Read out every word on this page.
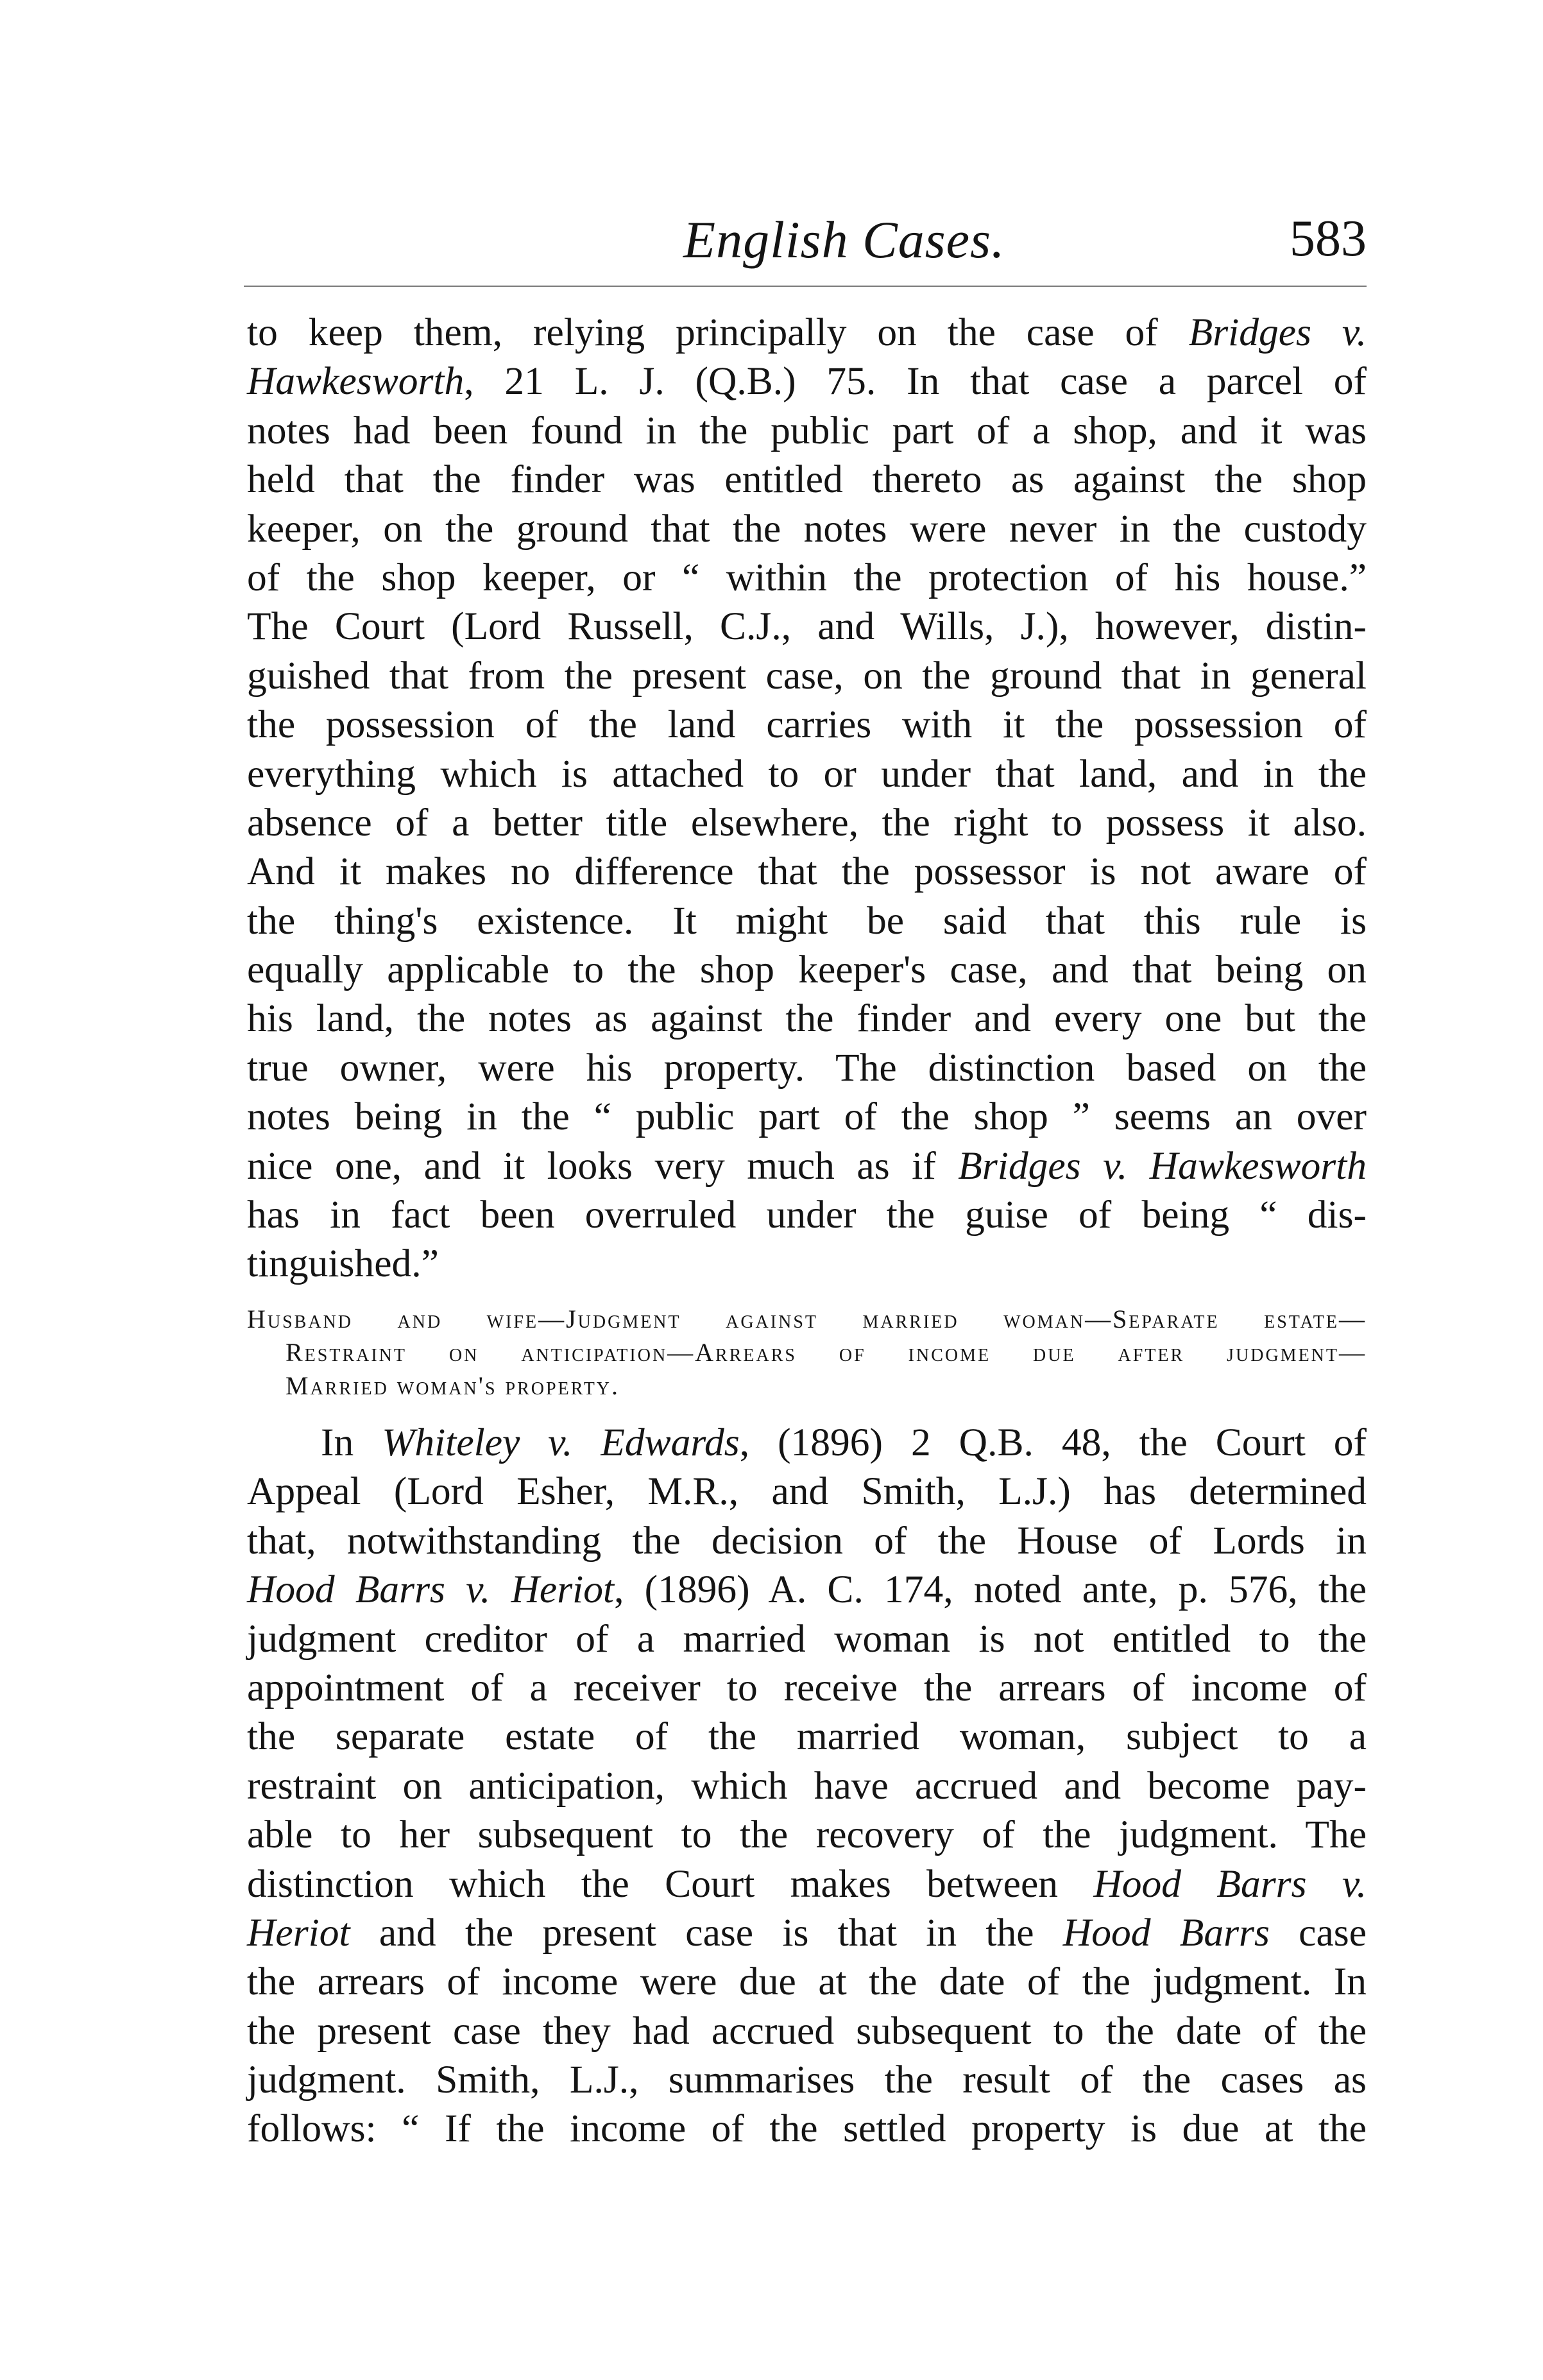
English Cases.	583
to keep them, relying principally on the case of Bridges v.
Hawkesworth, 21 L. J. (Q.B.) 75. In that case a parcel of
notes had been found in the public part of a shop, and it was
held that the finder was entitled thereto as against the shop
keeper, on the ground that the notes were never in the custody
of the shop keeper, or “ within the protection of his house.”
The Court (Lord Russell, C.J., and Wills, J.), however, distin-
guished that from the present case, on the ground that in general
the possession of the land carries with it the possession of
everything which is attached to or under that land, and in the
absence of a better title elsewhere, the right to possess it also.
And it makes no difference that the possessor is not aware of
the thing's existence. It might be said that this rule is
equally applicable to the shop keeper's case, and that being on
his land, the notes as against the finder and every one but the
true owner, were his property. The distinction based on the
notes being in the “ public part of the shop ” seems an over
nice one, and it looks very much as if Bridges v. Hawkesworth
has in fact been overruled under the guise of being “ dis-
tinguished.”
Husband and wife—Judgment against married woman—Separate estate—
Restraint on anticipation—Arrears of income due after judgment—
Married woman's property.
In Whiteley v. Edwards, (1896) 2 Q.B. 48, the Court of
Appeal (Lord Esher, M.R., and Smith, L.J.) has determined
that, notwithstanding the decision of the House of Lords in
Hood Barrs v. Heriot, (1896) A. C. 174, noted ante, p. 576, the
judgment creditor of a married woman is not entitled to the
appointment of a receiver to receive the arrears of income of
the separate estate of the married woman, subject to a
restraint on anticipation, which have accrued and become pay-
able to her subsequent to the recovery of the judgment. The
distinction which the Court makes between Hood Barrs v.
Heriot and the present case is that in the Hood Barrs case
the arrears of income were due at the date of the judgment. In
the present case they had accrued subsequent to the date of the
judgment. Smith, L.J., summarises the result of the cases as
follows: “ If the income of the settled property is due at the
